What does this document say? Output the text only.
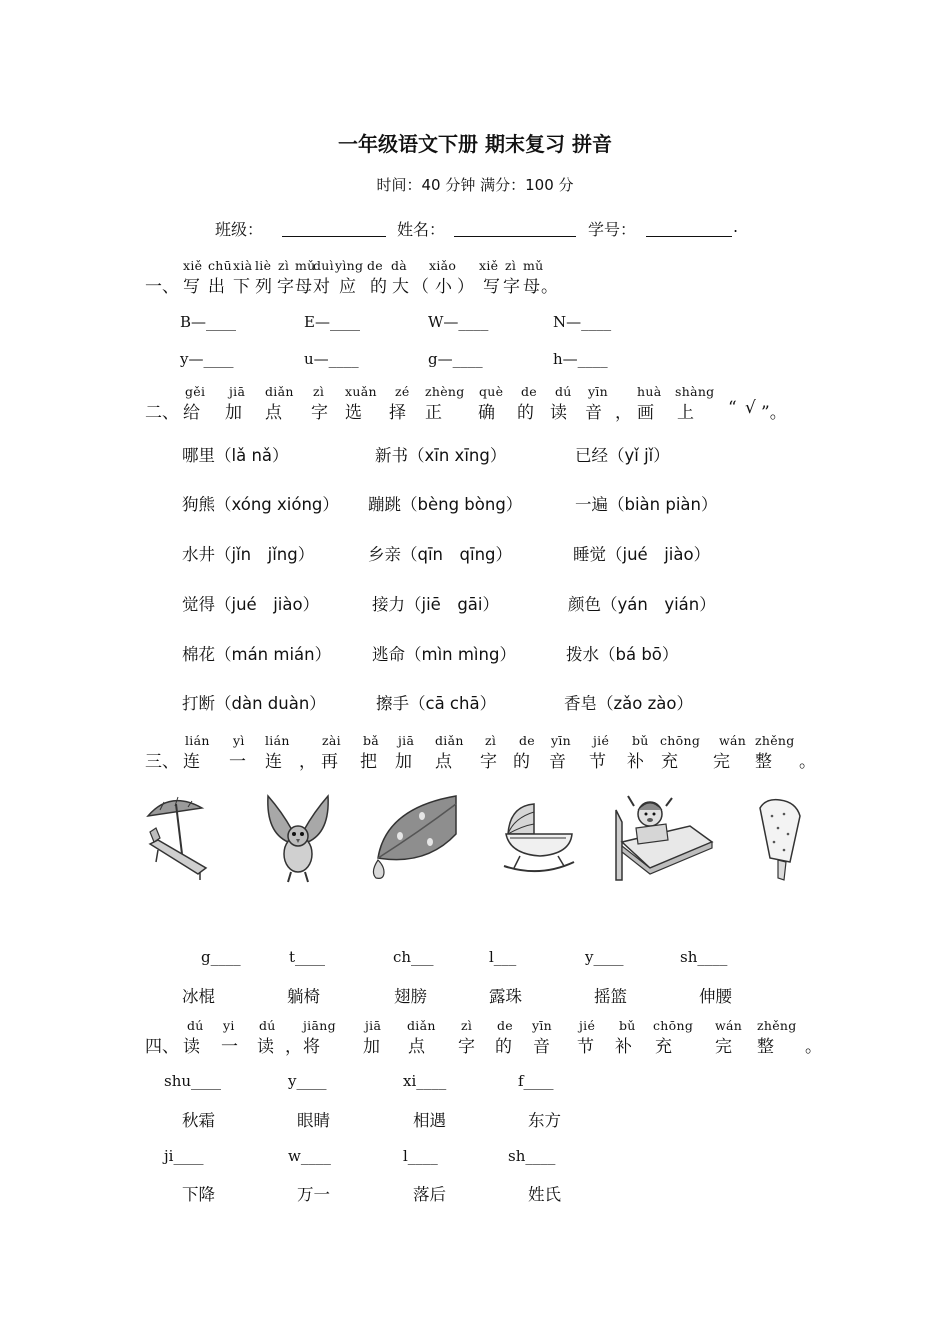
一年级语文下册 期末复习 拼音
时间：40 分钟 满分：100 分
班级：	姓名：	学号：	.
一、
xiě chū xià liè zì mǔ
duì yìng de dà xiǎo xiě zì mǔ
写 出 下 列 字 母 对 应 的 大 （ 小 ） 写 字 母 。
B—____	E—____	W—____	N—____
y—____	u—____	g—____	h—____
二、
gěi jiā diǎn zì xuǎn zé zhèng què de dú yīn huà shàng
给 加 点 字 选 择 正 确 的 读 音 ， 画 上 “ √ ”。
哪里（lǎ nǎ）	新书（xīn xīng）	已经（yǐ jǐ）
狗熊（xóng xióng） 蹦跳（bèng bòng）	一遍（biàn piàn）
水井（jǐn　jǐng）	乡亲（qīn　qīng）	睡觉（jué　jiào）
觉得（jué　jiào）	接力（jiē　gāi）	颜色（yán　yián）
棉花（mán mián） 逃命（mìn mìng）	拨水（bá bō）
打断（dàn duàn）	擦手（cā chā）	香皂（zǎo zào）
三、
lián yì lián	zài bǎ jiā diǎn zì de yīn jié bǔ chōng wán zhěng
连 一 连 ， 再 把 加 点 字 的 音 节 补 充 完 整 。
g____	t____	ch___	l___	y____	sh____
冰棍	躺椅	翅膀	露珠	摇篮	伸腰
四、
dú yi dú jiāng jiā diǎn zì de yīn jié bǔ chōng wán zhěng
读 一 读 ， 将	加 点 字 的 音 节 补 充	完 整 。
shu____	y____	xi____	f____
秋霜	眼睛	相遇	东方
ji____	w____	l____	sh____
下降	万一	落后	姓氏
